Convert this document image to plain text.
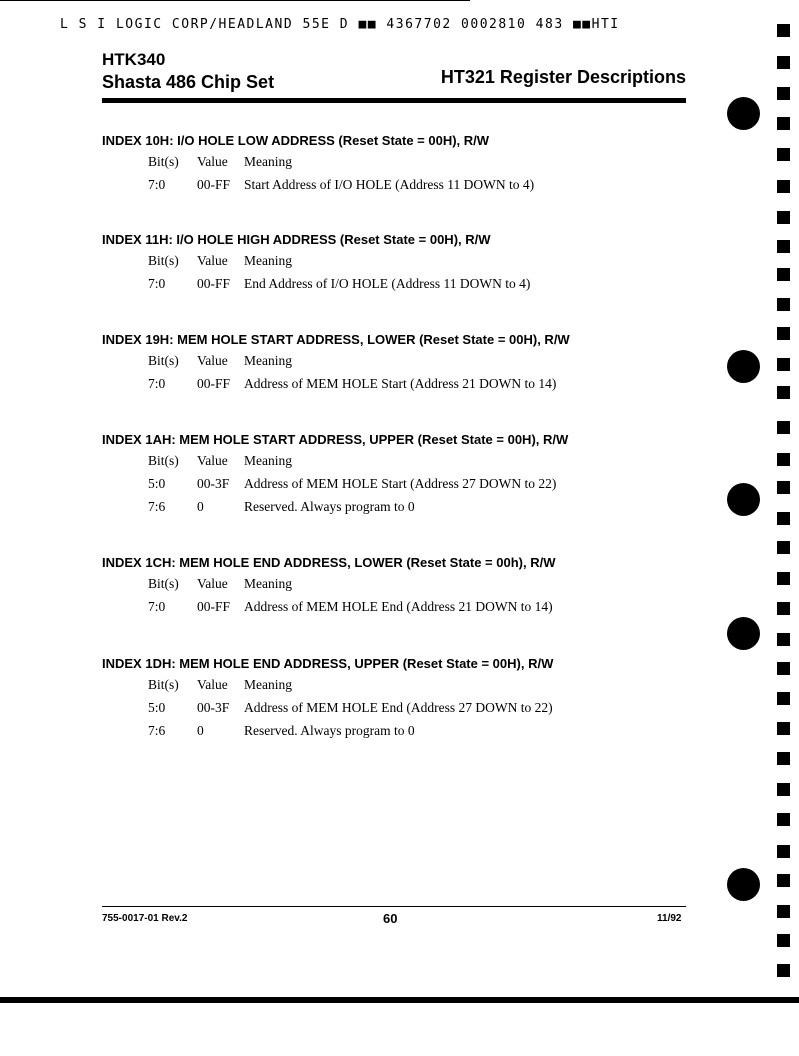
L S I LOGIC CORP/HEADLAND 55E D ■■ 4367702 0002810 483 ■■HTI
HTK340
Shasta 486 Chip Set	HT321 Register Descriptions
INDEX 10H: I/O HOLE LOW ADDRESS (Reset State = 00H), R/W
Bit(s) Value Meaning
7:0 00-FF Start Address of I/O HOLE (Address 11 DOWN to 4)
INDEX 11H: I/O HOLE HIGH ADDRESS (Reset State = 00H), R/W
Bit(s) Value Meaning
7:0 00-FF End Address of I/O HOLE (Address 11 DOWN to 4)
INDEX 19H: MEM HOLE START ADDRESS, LOWER (Reset State = 00H), R/W
Bit(s) Value Meaning
7:0 00-FF Address of MEM HOLE Start (Address 21 DOWN to 14)
INDEX 1AH: MEM HOLE START ADDRESS, UPPER (Reset State = 00H), R/W
Bit(s) Value Meaning
5:0 00-3F Address of MEM HOLE Start (Address 27 DOWN to 22)
7:6 0	Reserved. Always program to 0
INDEX 1CH: MEM HOLE END ADDRESS, LOWER (Reset State = 00h), R/W
Bit(s) Value Meaning
7:0 00-FF Address of MEM HOLE End (Address 21 DOWN to 14)
INDEX 1DH: MEM HOLE END ADDRESS, UPPER (Reset State = 00H), R/W
Bit(s) Value Meaning
5:0 00-3F Address of MEM HOLE End (Address 27 DOWN to 22)
7:6 0	Reserved. Always program to 0
755-0017-01 Rev.2	60	11/92
